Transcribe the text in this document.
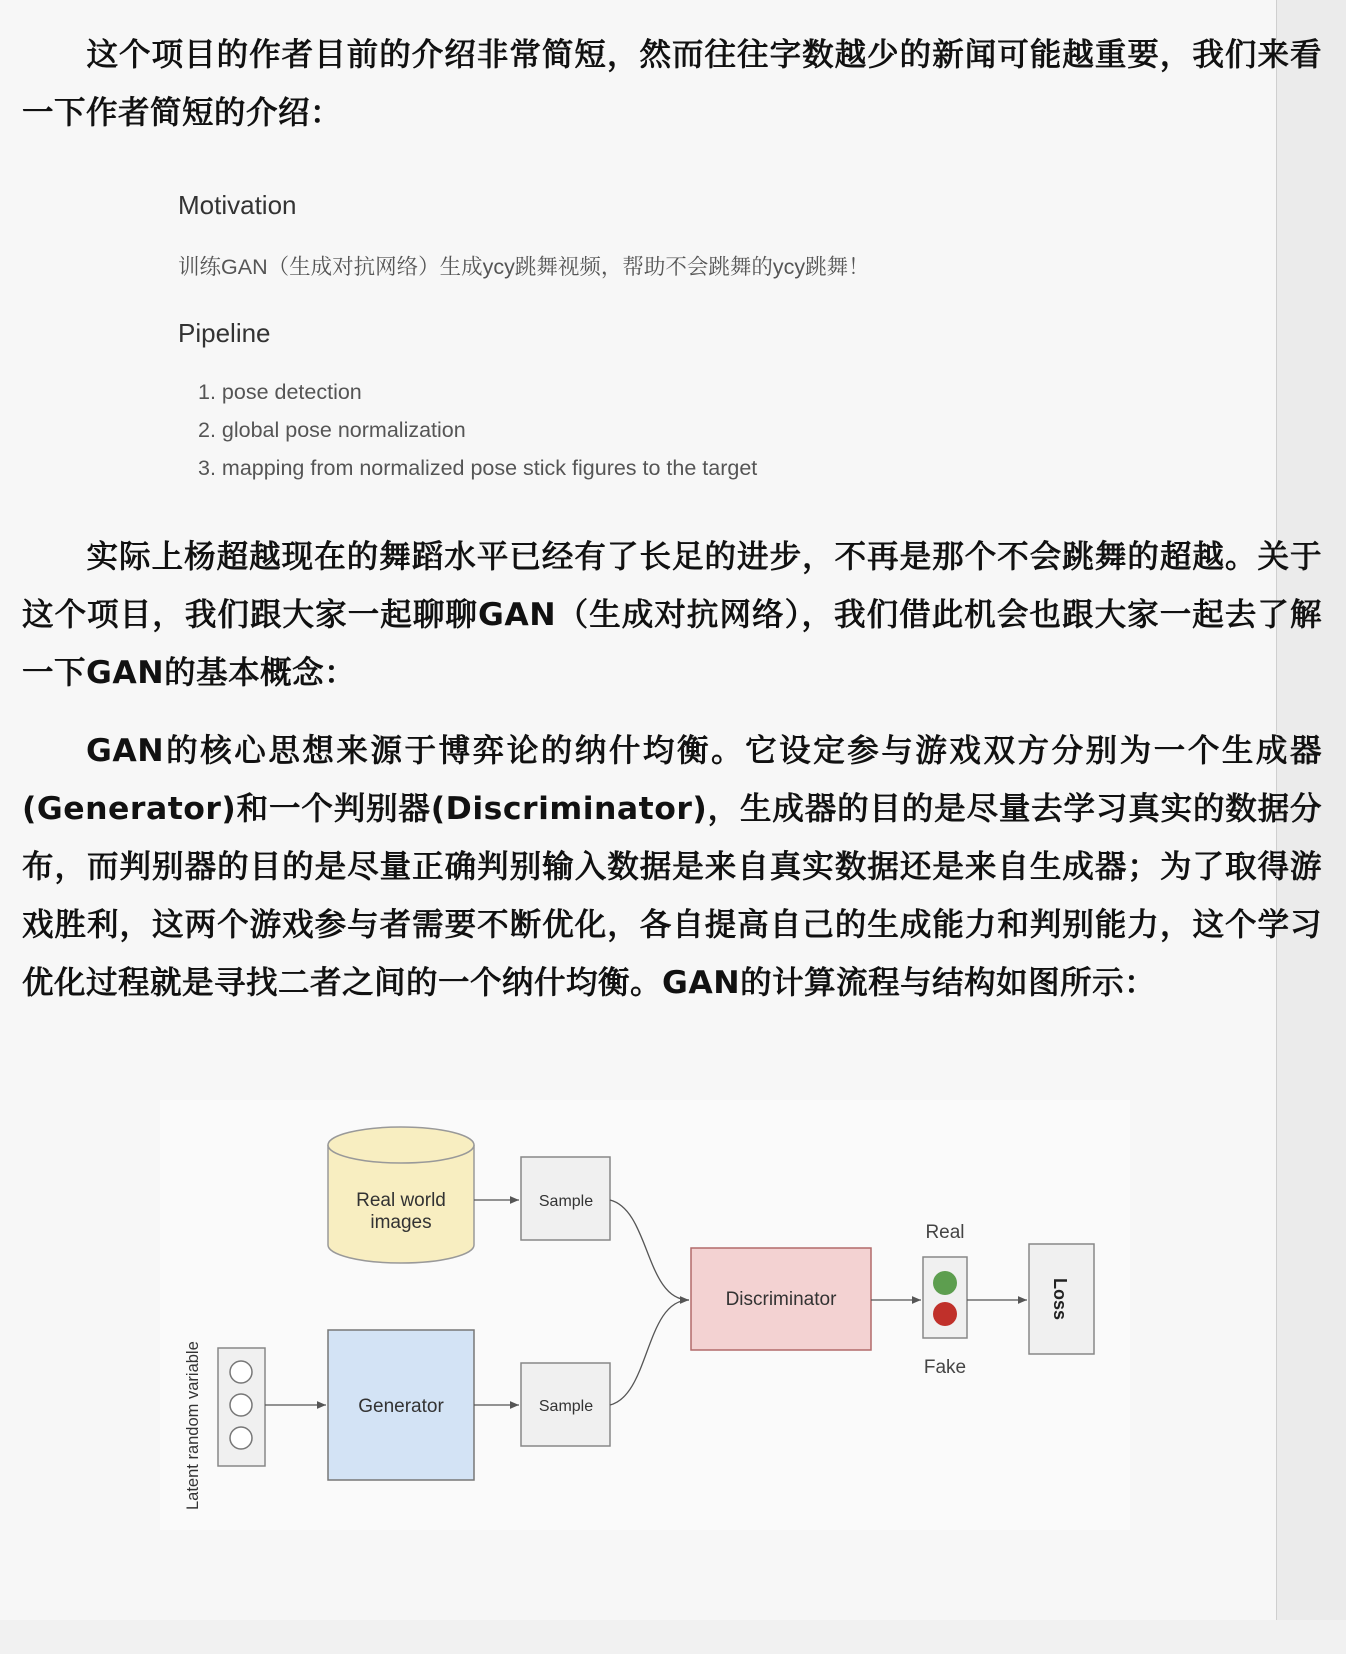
这个项目的作者目前的介绍非常简短，然而往往字数越少的新闻可能越重要，我们来看一下作者简短的介绍：

Motivation

训练GAN（生成对抗网络）生成ycy跳舞视频，帮助不会跳舞的ycy跳舞！

Pipeline
1. pose detection
2. global pose normalization
3. mapping from normalized pose stick figures to the target

实际上杨超越现在的舞蹈水平已经有了长足的进步，不再是那个不会跳舞的超越。关于这个项目，我们跟大家一起聊聊GAN（生成对抗网络），我们借此机会也跟大家一起去了解一下GAN的基本概念：

GAN的核心思想来源于博弈论的纳什均衡。它设定参与游戏双方分别为一个生成器(Generator)和一个判别器(Discriminator)，生成器的目的是尽量去学习真实的数据分布，而判别器的目的是尽量正确判别输入数据是来自真实数据还是来自生成器；为了取得游戏胜利，这两个游戏参与者需要不断优化，各自提高自己的生成能力和判别能力，这个学习优化过程就是寻找二者之间的一个纳什均衡。GAN的计算流程与结构如图所示：

Real world
images
Sample
Latent random variable	Generator	Sample
Discriminator
Real
Fake
Loss
